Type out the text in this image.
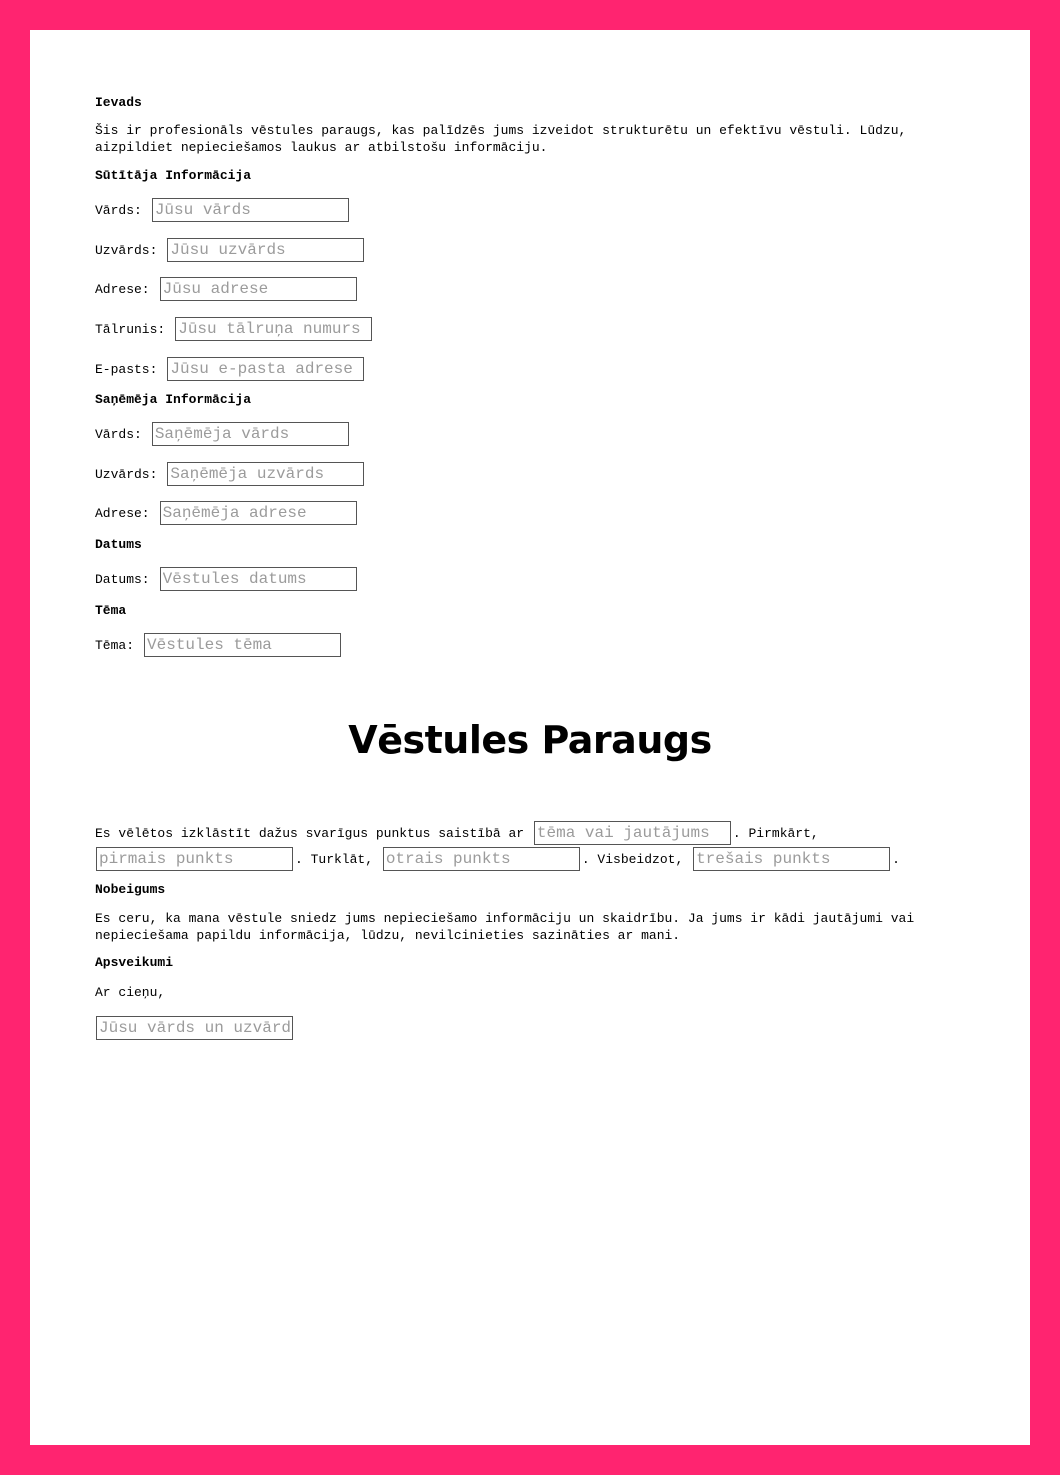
Ievads
Šis ir profesionāls vēstules paraugs, kas palīdzēs jums izveidot strukturētu un efektīvu vēstuli. Lūdzu, aizpildiet nepieciešamos laukus ar atbilstošu informāciju.
Sūtītāja Informācija
Vārds:
Jūsu vārds
Uzvārds:
Jūsu uzvārds
Adrese:
Jūsu adrese
Tālrunis:
Jūsu tālruņa numurs
E-pasts:
Jūsu e-pasta adrese
Saņēmēja Informācija
Vārds:
Saņēmēja vārds
Uzvārds:
Saņēmēja uzvārds
Adrese:
Saņēmēja adrese
Datums
Datums:
Vēstules datums
Tēma
Tēma:
Vēstules tēma
Vēstules Paraugs
Es vēlētos izklāstīt dažus svarīgus punktus saistībā ar

tēma vai jautājums	. Pirmkārt,
pirmais punkts
. Turklāt,

otrais punkts	. Visbeidzot,

trešais punkts	.
Nobeigums
Es ceru, ka mana vēstule sniedz jums nepieciešamo informāciju un skaidrību. Ja jums ir kādi jautājumi vai nepieciešama papildu informācija, lūdzu, nevilcinieties sazināties ar mani.
Apsveikumi
Ar cieņu,
Jūsu vārds un uzvārds
